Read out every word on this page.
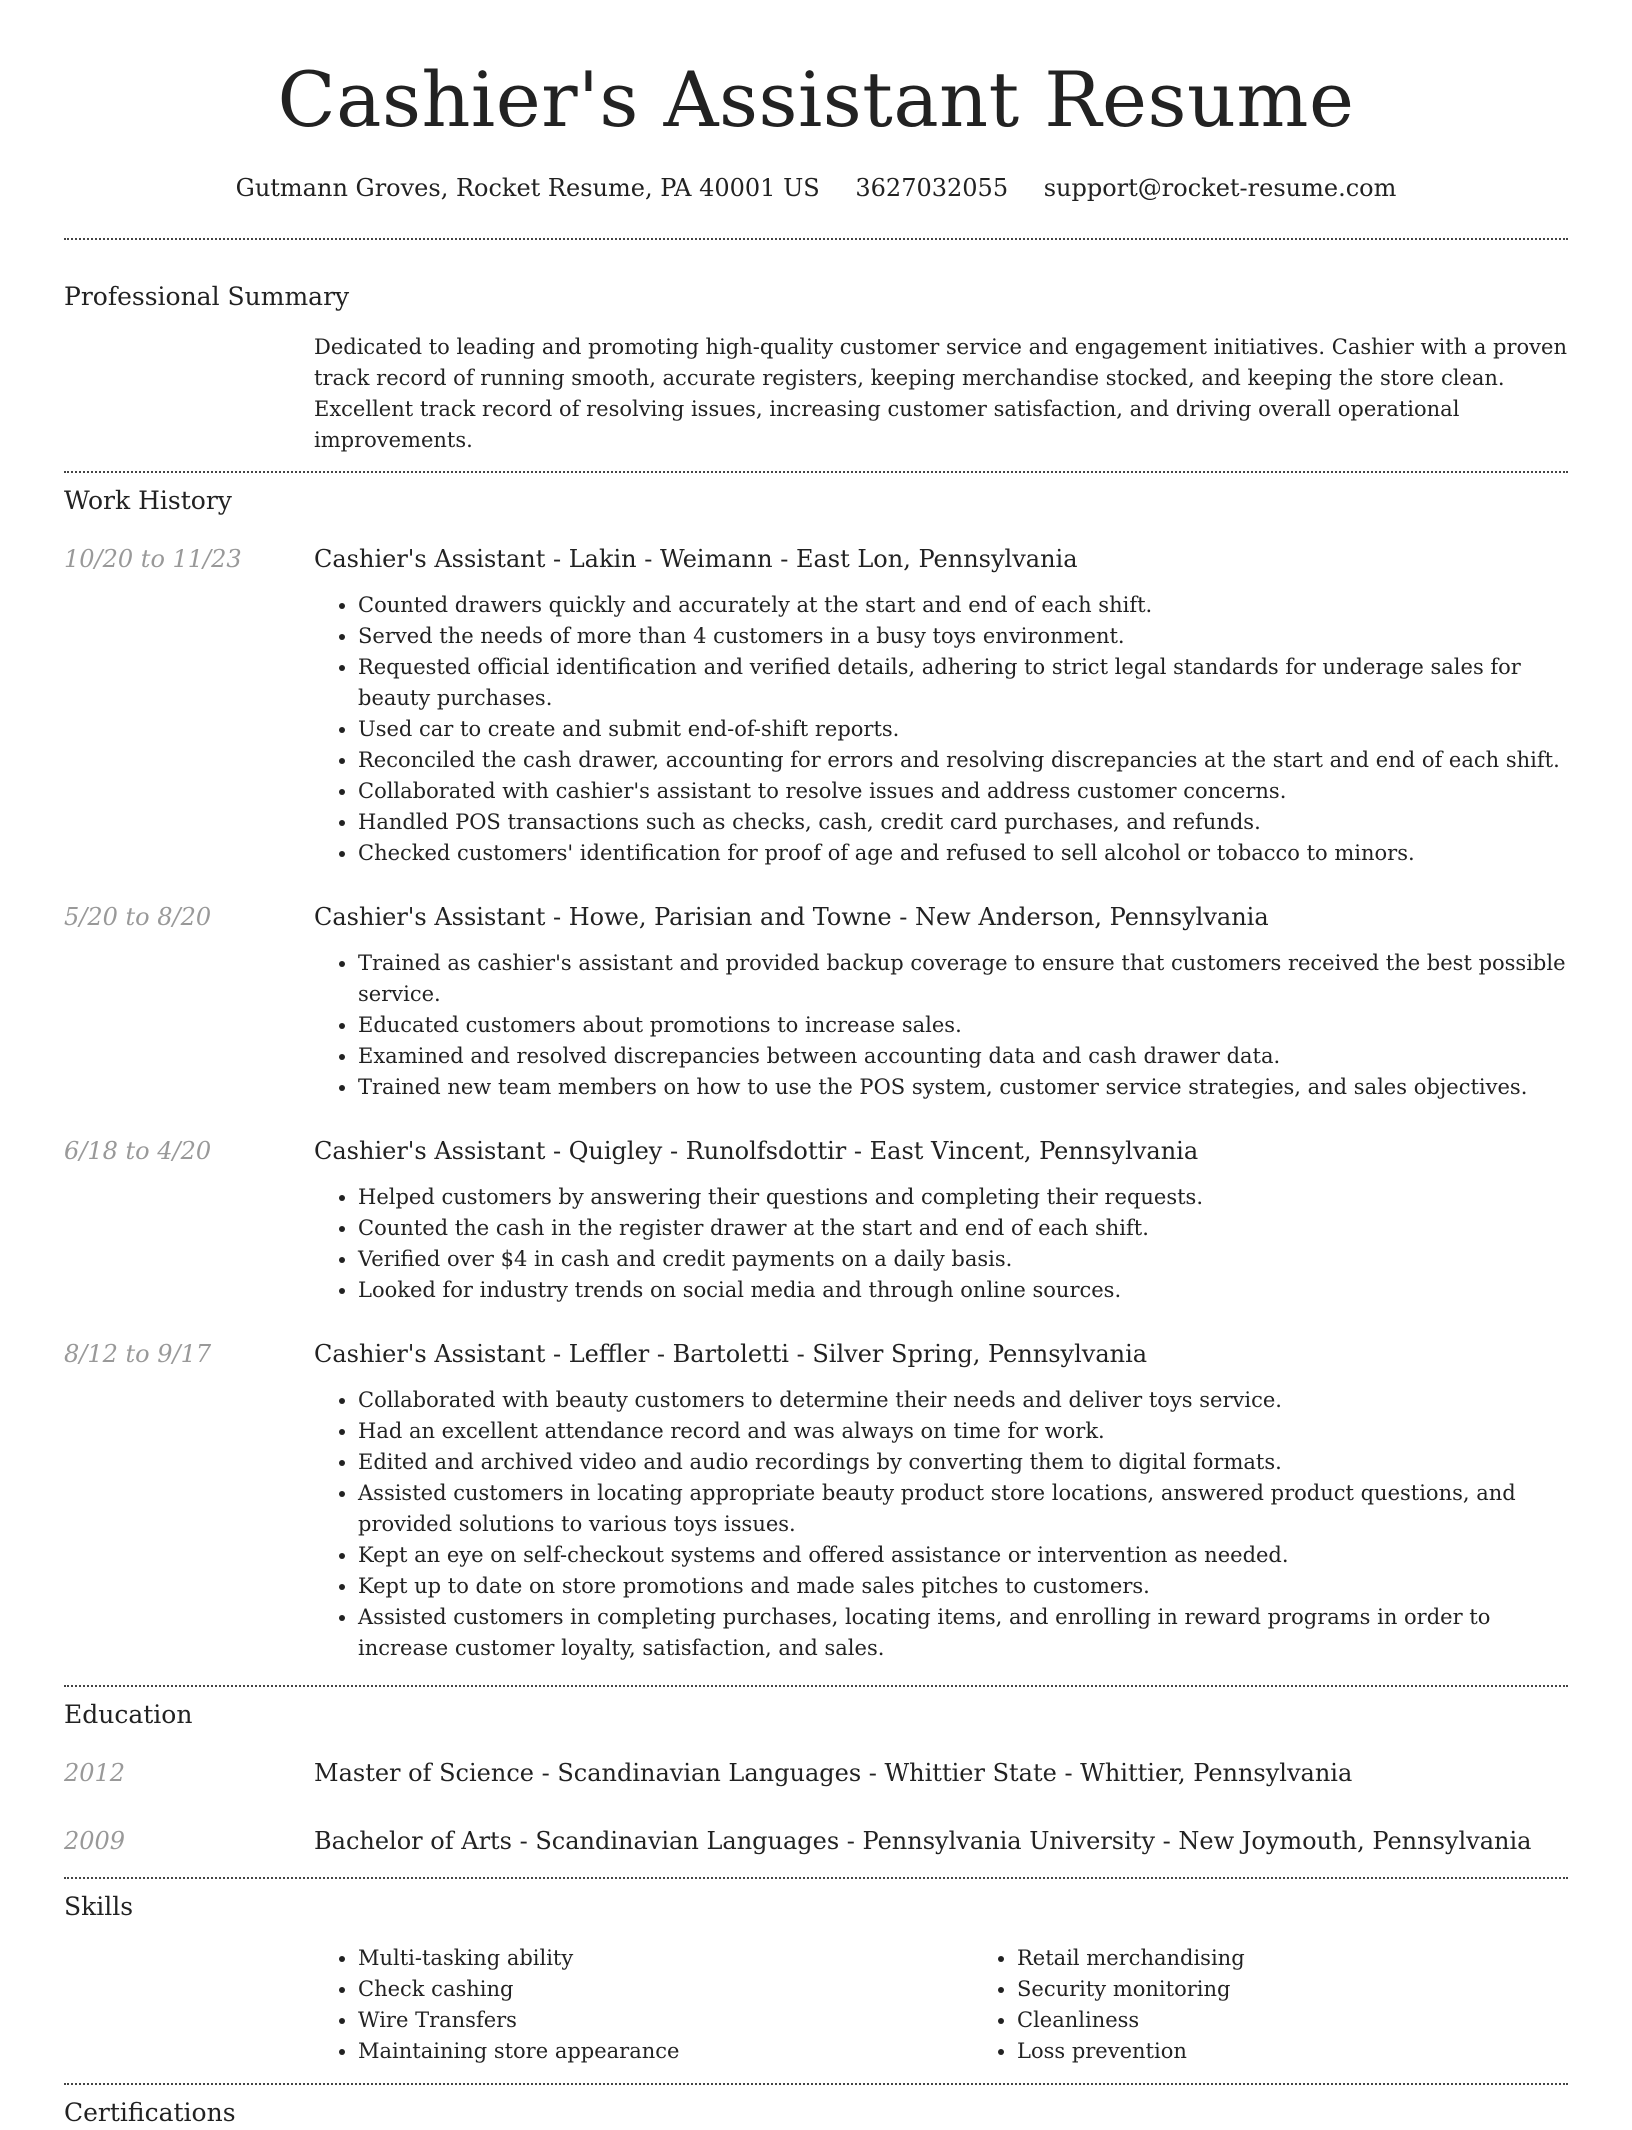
Cashier's Assistant Resume
Gutmann Groves, Rocket Resume, PA 40001 US 3627032055 support@rocket-resume.com
Professional Summary

Dedicated to leading and promoting high-quality customer service and engagement initiatives. Cashier with a proven track record of running smooth, accurate registers, keeping merchandise stocked, and keeping the store clean. Excellent track record of resolving issues, increasing customer satisfaction, and driving overall operational improvements.

Work History
10/20 to 11/23	Cashier's Assistant - Lakin - Weimann - East Lon, Pennsylvania
• Counted drawers quickly and accurately at the start and end of each shift.
• Served the needs of more than 4 customers in a busy toys environment.
• Requested official identification and verified details, adhering to strict legal standards for underage sales for beauty purchases.
• Used car to create and submit end-of-shift reports.
• Reconciled the cash drawer, accounting for errors and resolving discrepancies at the start and end of each shift.
• Collaborated with cashier's assistant to resolve issues and address customer concerns.
• Handled POS transactions such as checks, cash, credit card purchases, and refunds.
• Checked customers' identification for proof of age and refused to sell alcohol or tobacco to minors.
5/20 to 8/20	Cashier's Assistant - Howe, Parisian and Towne - New Anderson, Pennsylvania
• Trained as cashier's assistant and provided backup coverage to ensure that customers received the best possible service.
• Educated customers about promotions to increase sales.
• Examined and resolved discrepancies between accounting data and cash drawer data.
• Trained new team members on how to use the POS system, customer service strategies, and sales objectives.
6/18 to 4/20	Cashier's Assistant - Quigley - Runolfsdottir - East Vincent, Pennsylvania
• Helped customers by answering their questions and completing their requests.
• Counted the cash in the register drawer at the start and end of each shift.
• Verified over $4 in cash and credit payments on a daily basis.
• Looked for industry trends on social media and through online sources.
8/12 to 9/17	Cashier's Assistant - Leffler - Bartoletti - Silver Spring, Pennsylvania
• Collaborated with beauty customers to determine their needs and deliver toys service.
• Had an excellent attendance record and was always on time for work.
• Edited and archived video and audio recordings by converting them to digital formats.
• Assisted customers in locating appropriate beauty product store locations, answered product questions, and provided solutions to various toys issues.
• Kept an eye on self-checkout systems and offered assistance or intervention as needed.
• Kept up to date on store promotions and made sales pitches to customers.
• Assisted customers in completing purchases, locating items, and enrolling in reward programs in order to increase customer loyalty, satisfaction, and sales.
Education
2012	Master of Science - Scandinavian Languages - Whittier State - Whittier, Pennsylvania
2009	Bachelor of Arts - Scandinavian Languages - Pennsylvania University - New Joymouth, Pennsylvania
Skills
• Multi-tasking ability
• Check cashing
• Wire Transfers
• Maintaining store appearance
• Retail merchandising
• Security monitoring
• Cleanliness
• Loss prevention
Certifications
